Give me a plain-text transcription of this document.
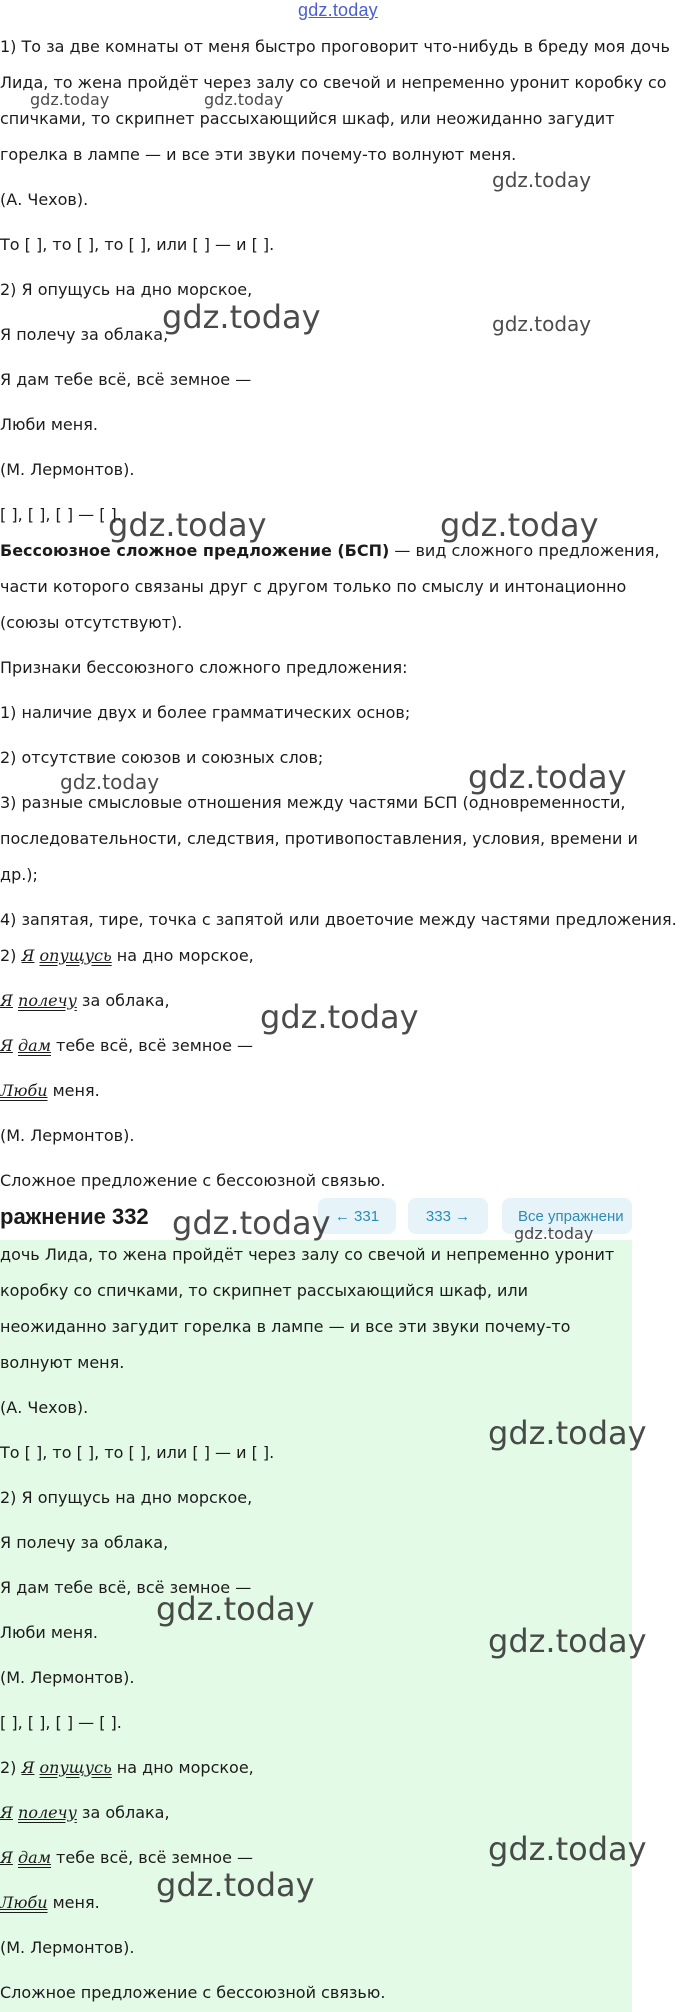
gdz.today
1) То за две комнаты от меня быстро проговорит что-нибудь в бреду моя дочь
Лида, то жена пройдёт через залу со свечой и непременно уронит коробку со
спичками, то скрипнет рассыхающийся шкаф, или неожиданно загудит
горелка в лампе — и все эти звуки почему-то волнуют меня.
(А. Чехов).
То [ ], то [ ], то [ ], или [ ] — и [ ].
2) Я опущусь на дно морское,
Я полечу за облака,
Я дам тебе всё, всё земное —
Люби меня.
(М. Лермонтов).
[ ], [ ], [ ] — [ ].
Бессоюзное сложное предложение (БСП) — вид сложного предложения,
части которого связаны друг с другом только по смыслу и интонационно
(союзы отсутствуют).
Признаки бессоюзного сложного предложения:
1) наличие двух и более грамматических основ;
2) отсутствие союзов и союзных слов;
3) разные смысловые отношения между частями БСП (одновременности,
последовательности, следствия, противопоставления, условия, времени и
др.);
4) запятая, тире, точка с запятой или двоеточие между частями предложения.
2) Я опущусь на дно морское,
Я полечу за облака,
Я дам тебе всё, всё земное —
Люби меня.
(М. Лермонтов).
Сложное предложение с бессоюзной связью.
ражнение 332	← 331	333 →	Все упражнени
дочь Лида, то жена пройдёт через залу со свечой и непременно уронит
коробку со спичками, то скрипнет рассыхающийся шкаф, или
неожиданно загудит горелка в лампе — и все эти звуки почему-то
волнуют меня.
(А. Чехов).
То [ ], то [ ], то [ ], или [ ] — и [ ].
2) Я опущусь на дно морское,
Я полечу за облака,
Я дам тебе всё, всё земное —
Люби меня.
(М. Лермонтов).
[ ], [ ], [ ] — [ ].
2) Я опущусь на дно морское,
Я полечу за облака,
Я дам тебе всё, всё земное —
Люби меня.
(М. Лермонтов).
Сложное предложение с бессоюзной связью.
gdz.today	gdz.today
gdz.today
gdz.today	gdz.today
gdz.today	gdz.today
gdz.today	gdz.today
gdz.today
gdz.today	gdz.today
gdz.today
gdz.today
gdz.today
gdz.today
gdz.today
